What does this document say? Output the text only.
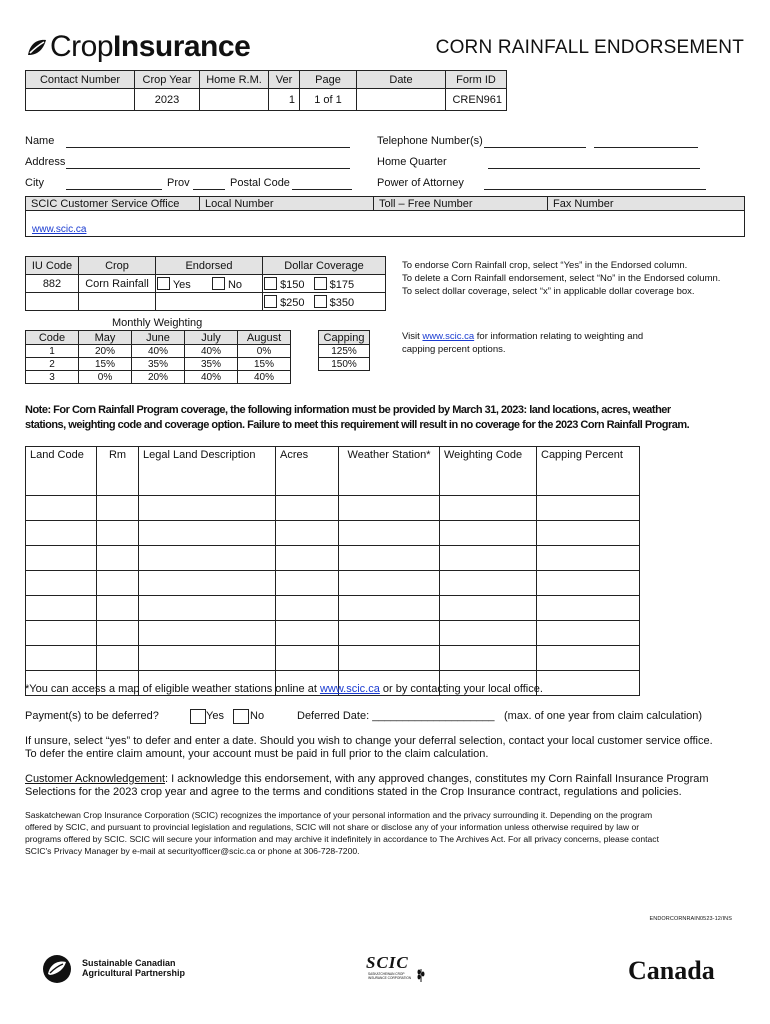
CropInsurance	CORN RAINFALL ENDORSEMENT
Contact Number	Crop Year	Home R.M.	Ver	Page	Date	Form ID
	2023		1	1 of 1		CREN961
Name	Telephone Number(s)
Address	Home Quarter
City	Prov	Postal Code	Power of Attorney
SCIC Customer Service Office	Local Number	Toll – Free Number	Fax Number
www.scic.ca
IU Code	Crop	Endorsed	Dollar Coverage
882	Corn Rainfall	Yes No	$150 $175
			$250 $350
To endorse Corn Rainfall crop, select “Yes” in the Endorsed column.
To delete a Corn Rainfall endorsement, select “No” in the Endorsed column.
To select dollar coverage, select “x” in applicable dollar coverage box.
Monthly Weighting
Code	May	June	July	August
1	20%	40%	40%	0%
2	15%	35%	35%	15%
3	0%	20%	40%	40%
Capping
125%
150%
Visit www.scic.ca for information relating to weighting and
capping percent options.
Note: For Corn Rainfall Program coverage, the following information must be provided by March 31, 2023: land locations, acres, weather
stations, weighting code and coverage option. Failure to meet this requirement will result in no coverage for the 2023 Corn Rainfall Program.
Land Code	Rm	Legal Land Description	Acres	Weather Station*	Weighting Code	Capping Percent

*You can access a map of eligible weather stations online at www.scic.ca or by contacting your local office.
Payment(s) to be deferred?	Yes No	Deferred Date: ____________________ (max. of one year from claim calculation)
If unsure, select “yes” to defer and enter a date. Should you wish to change your deferral selection, contact your local customer service office.
To defer the entire claim amount, your account must be paid in full prior to the claim calculation.
Customer Acknowledgement: I acknowledge this endorsement, with any approved changes, constitutes my Corn Rainfall Insurance Program
Selections for the 2023 crop year and agree to the terms and conditions stated in the Crop Insurance contract, regulations and policies.
Saskatchewan Crop Insurance Corporation (SCIC) recognizes the importance of your personal information and the privacy surrounding it. Depending on the program
offered by SCIC, and pursuant to provincial legislation and regulations, SCIC will not share or disclose any of your information unless otherwise required by law or
programs offered by SCIC. SCIC will secure your information and may archive it indefinitely in accordance to The Archives Act. For all privacy concerns, please contact
SCIC's Privacy Manager by e-mail at securityofficer@scic.ca or phone at 306-728-7200.
ENDORCORNRAIN0523-12/INS
Sustainable Canadian
Agricultural Partnership
SCIC
SASKATCHEWAN CROP INSURANCE CORPORATION	Canada
